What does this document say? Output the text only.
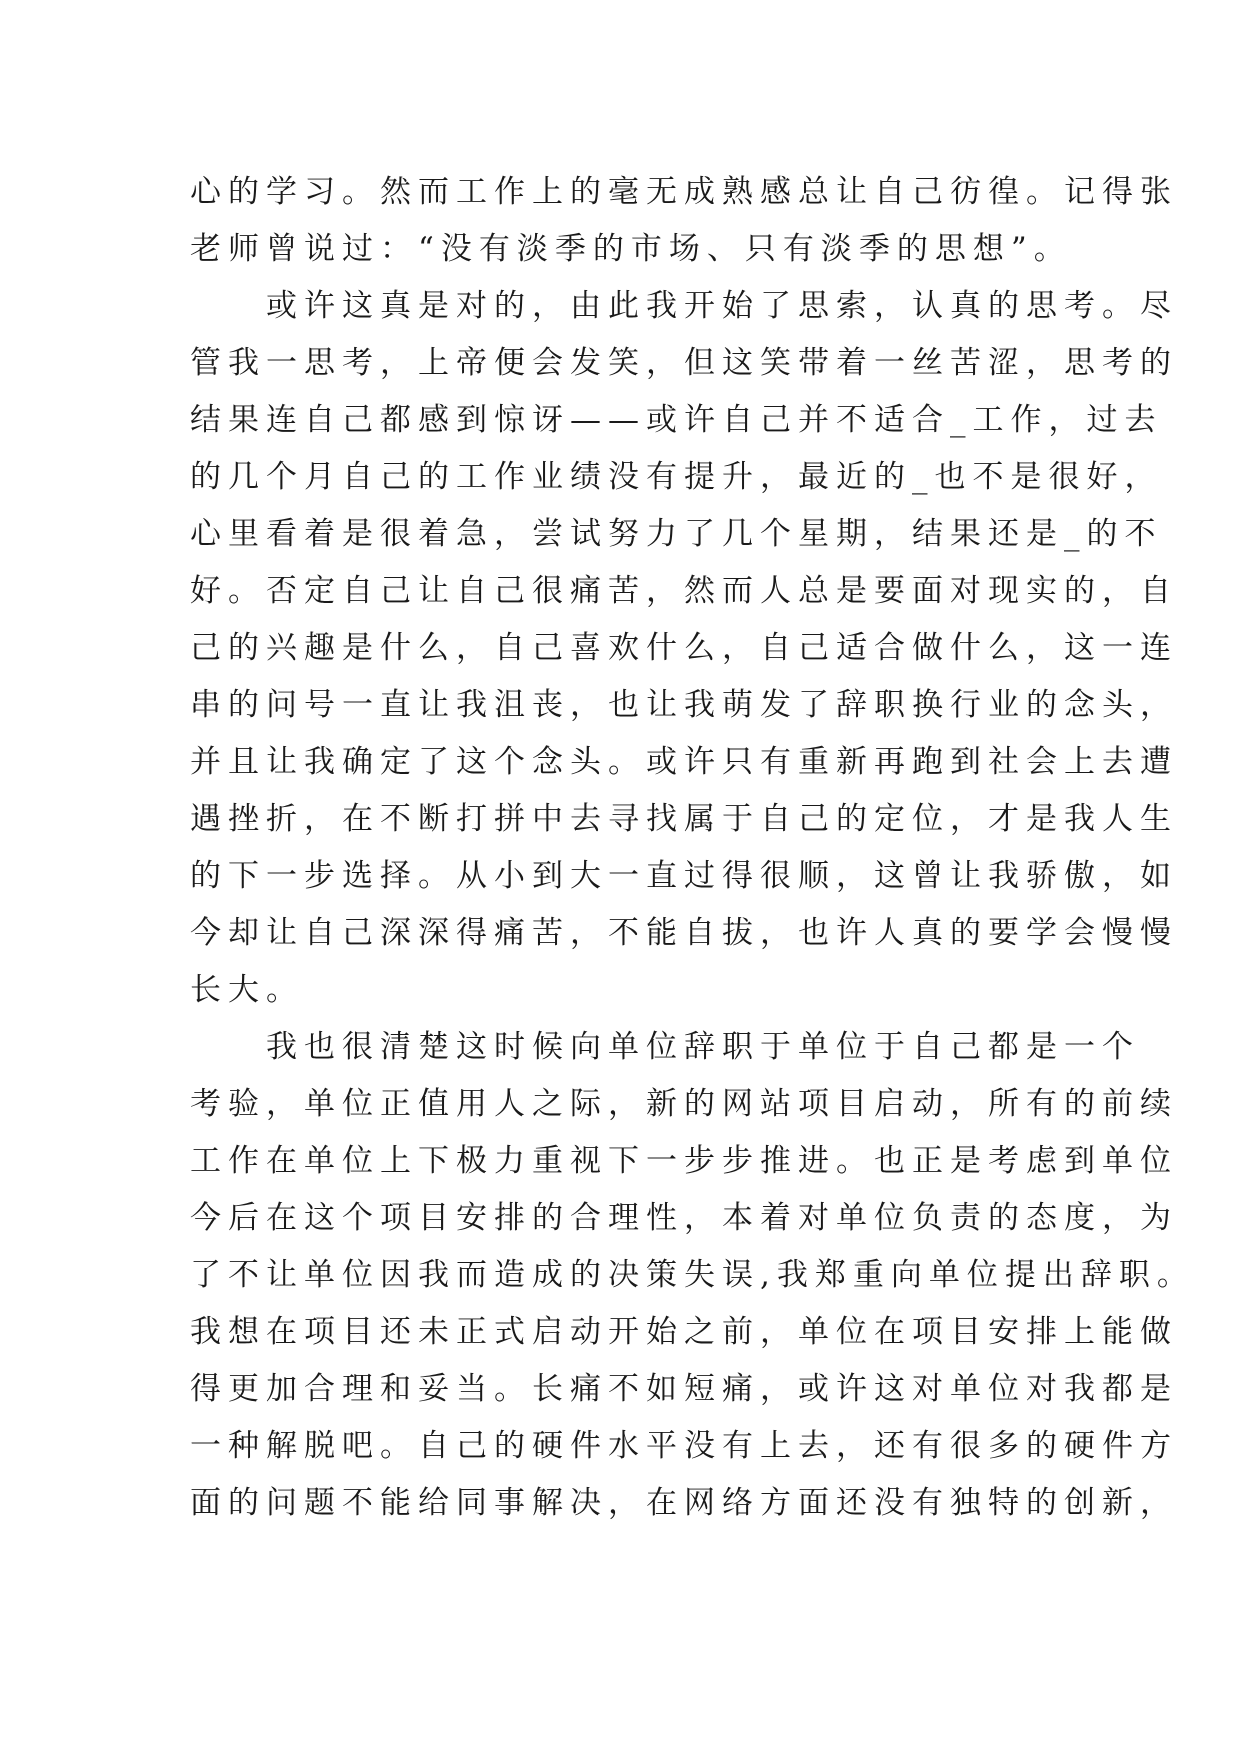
心的学习。然而工作上的毫无成熟感总让自己彷徨。记得张
老师曾说过：“没有淡季的市场、只有淡季的思想”。
　　或许这真是对的，由此我开始了思索，认真的思考。尽
管我一思考，上帝便会发笑，但这笑带着一丝苦涩，思考的
结果连自己都感到惊讶——或许自己并不适合_工作，过去
的几个月自己的工作业绩没有提升，最近的_也不是很好，
心里看着是很着急，尝试努力了几个星期，结果还是_的不
好。否定自己让自己很痛苦，然而人总是要面对现实的，自
己的兴趣是什么，自己喜欢什么，自己适合做什么，这一连
串的问号一直让我沮丧，也让我萌发了辞职换行业的念头，
并且让我确定了这个念头。或许只有重新再跑到社会上去遭
遇挫折，在不断打拼中去寻找属于自己的定位，才是我人生
的下一步选择。从小到大一直过得很顺，这曾让我骄傲，如
今却让自己深深得痛苦，不能自拔，也许人真的要学会慢慢
长大。
　　我也很清楚这时候向单位辞职于单位于自己都是一个
考验，单位正值用人之际，新的网站项目启动，所有的前续
工作在单位上下极力重视下一步步推进。也正是考虑到单位
今后在这个项目安排的合理性，本着对单位负责的态度，为
了不让单位因我而造成的决策失误,我郑重向单位提出辞职。
我想在项目还未正式启动开始之前，单位在项目安排上能做
得更加合理和妥当。长痛不如短痛，或许这对单位对我都是
一种解脱吧。自己的硬件水平没有上去，还有很多的硬件方
面的问题不能给同事解决，在网络方面还没有独特的创新，
